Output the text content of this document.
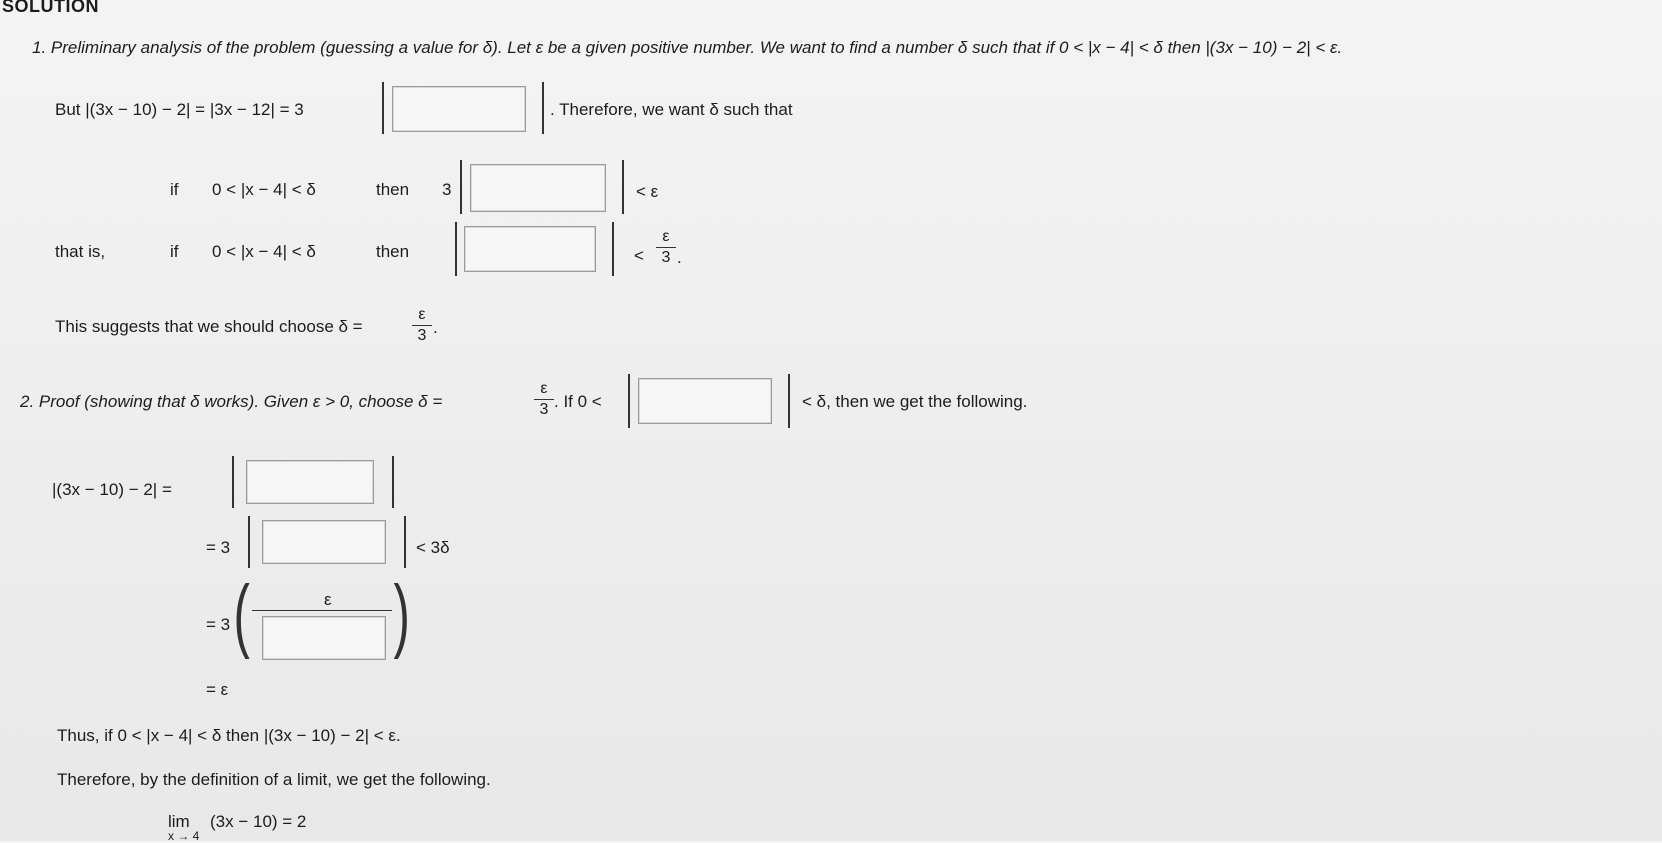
SOLUTION
1. Preliminary analysis of the problem (guessing a value for δ). Let ε be a given positive number. We want to find a number δ such that if 0 < |x − 4| < δ then |(3x − 10) − 2| < ε.
But |(3x − 10) − 2| = |3x − 12| = 3	. Therefore, we want δ such that
if 0 < |x − 4| < δ	then 3	< ε
that is,	if 0 < |x − 4| < δ	then	<
ε
3 .
This suggests that we should choose δ =
ε
3 .
2. Proof (showing that δ works). Given ε > 0, choose δ =
ε
3 . If 0 <	< δ, then we get the following.
|(3x − 10) − 2| =
= 3	< 3δ
= 3 (	ε )
= ε
Thus, if 0 < |x − 4| < δ then |(3x − 10) − 2| < ε.
Therefore, by the definition of a limit, we get the following.
lim
x → 4
(3x − 10) = 2
